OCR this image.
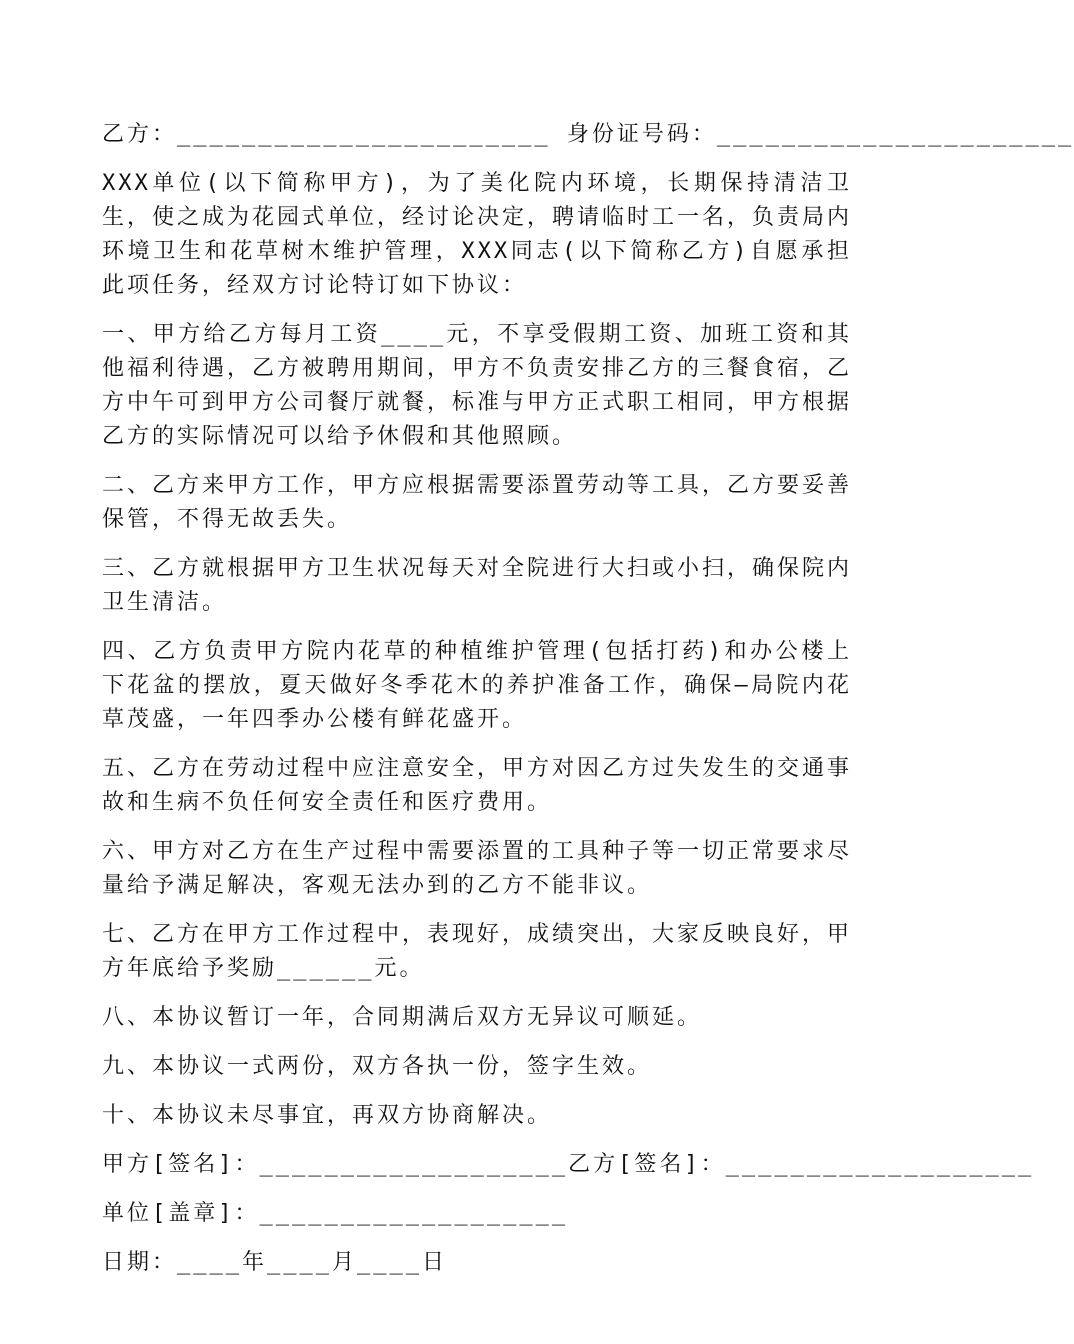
乙方：_______________________ 身份证号码：______________________

XXX单位(以下简称甲方)，为了美化院内环境，长期保持清洁卫生，使之成为花园式单位，经讨论决定，聘请临时工一名，负责局内环境卫生和花草树木维护管理，XXX同志(以下简称乙方)自愿承担此项任务，经双方讨论特订如下协议：

一、甲方给乙方每月工资____元，不享受假期工资、加班工资和其他福利待遇，乙方被聘用期间，甲方不负责安排乙方的三餐食宿，乙方中午可到甲方公司餐厅就餐，标准与甲方正式职工相同，甲方根据乙方的实际情况可以给予休假和其他照顾。

二、乙方来甲方工作，甲方应根据需要添置劳动等工具，乙方要妥善保管，不得无故丢失。

三、乙方就根据甲方卫生状况每天对全院进行大扫或小扫，确保院内卫生清洁。

四、乙方负责甲方院内花草的种植维护管理(包括打药)和办公楼上下花盆的摆放，夏天做好冬季花木的养护准备工作，确保—局院内花草茂盛，一年四季办公楼有鲜花盛开。

五、乙方在劳动过程中应注意安全，甲方对因乙方过失发生的交通事故和生病不负任何安全责任和医疗费用。

六、甲方对乙方在生产过程中需要添置的工具种子等一切正常要求尽量给予满足解决，客观无法办到的乙方不能非议。

七、乙方在甲方工作过程中，表现好，成绩突出，大家反映良好，甲方年底给予奖励______元。

八、本协议暂订一年，合同期满后双方无异议可顺延。

九、本协议一式两份，双方各执一份，签字生效。

十、本协议未尽事宜，再双方协商解决。

甲方[签名]：___________________乙方[签名]：___________________

单位[盖章]：___________________

日期：____年____月____日
